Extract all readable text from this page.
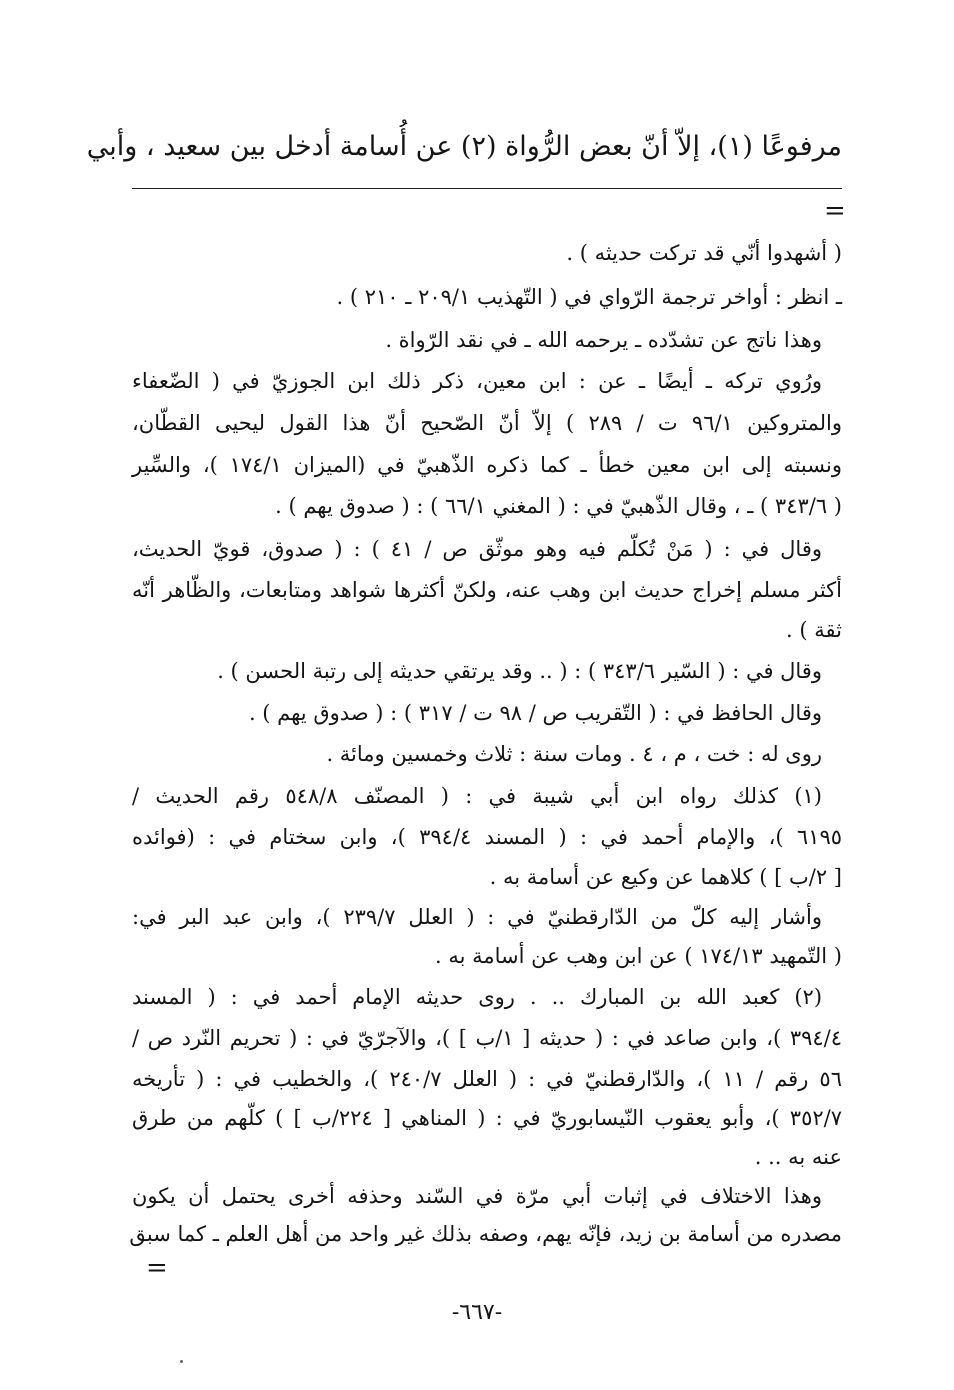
مرفوعًا (١)، إلاّ أنّ بعض الرُّواة (٢) عن أُسامة أدخل بين سعيد ، وأبي
=
( أشهدوا أنّي قد تركت حديثه ) .
ـ انظر : أواخر ترجمة الرّواي في ( التّهذيب ٢٠٩/١ ـ ٢١٠ ) .
وهذا ناتج عن تشدّده ـ يرحمه الله ـ في نقد الرّواة .
ورُوي تركه ـ أيضًا ـ عن : ابن معين، ذكر ذلك ابن الجوزيّ في ( الضّعفاء
والمتروكين ٩٦/١ ت / ٢٨٩ ) إلاّ أنّ الصّحيح أنّ هذا القول ليحيى القطّان،
ونسبته إلى ابن معين خطأ ـ كما ذكره الذّهبيّ في (الميزان ١٧٤/١ )، والسِّير
( ٣٤٣/٦ ) ـ ، وقال الذّهبيّ في : ( المغني ٦٦/١ ) : ( صدوق يهم ) .
وقال في : ( مَنْ تُكلّم فيه وهو موثّق ص / ٤١ ) : ( صدوق، قويّ الحديث،
أكثر مسلم إخراج حديث ابن وهب عنه، ولكنّ أكثرها شواهد ومتابعات، والظّاهر أنّه
ثقة ) .
وقال في : ( السّير ٣٤٣/٦ ) : ( .. وقد يرتقي حديثه إلى رتبة الحسن ) .
وقال الحافظ في : ( التّقريب ص / ٩٨ ت / ٣١٧ ) : ( صدوق يهم ) .
روى له : خت ، م ، ٤ . ومات سنة : ثلاث وخمسين ومائة .
(١) كذلك رواه ابن أبي شيبة في : ( المصنّف ٥٤٨/٨ رقم الحديث /
٦١٩٥ )، والإمام أحمد في : ( المسند ٣٩٤/٤ )، وابن سختام في : (فوائده
[ ٢/ب ] ) كلاهما عن وكيع عن أسامة به .
وأشار إليه كلّ من الدّارقطنيّ في : ( العلل ٢٣٩/٧ )، وابن عبد البر في:
( التّمهيد ١٧٤/١٣ ) عن ابن وهب عن أسامة به .
(٢) كعبد الله بن المبارك .. . روى حديثه الإمام أحمد في : ( المسند
٣٩٤/٤ )، وابن صاعد في : ( حديثه [ ١/ب ] )، والآجرّيّ في : ( تحريم النّرد ص /
٥٦ رقم / ١١ )، والدّارقطنيّ في : ( العلل ٢٤٠/٧ )، والخطيب في : ( تأريخه
٣٥٢/٧ )، وأبو يعقوب النّيسابوريّ في : ( المناهي [ ٢٢٤/ب ] ) كلّهم من طرق
عنه به .. .
وهذا الاختلاف في إثبات أبي مرّة في السّند وحذفه أخرى يحتمل أن يكون
مصدره من أسامة بن زيد، فإنّه يهم، وصفه بذلك غير واحد من أهل العلم ـ كما سبق
=
-٦٦٧-
